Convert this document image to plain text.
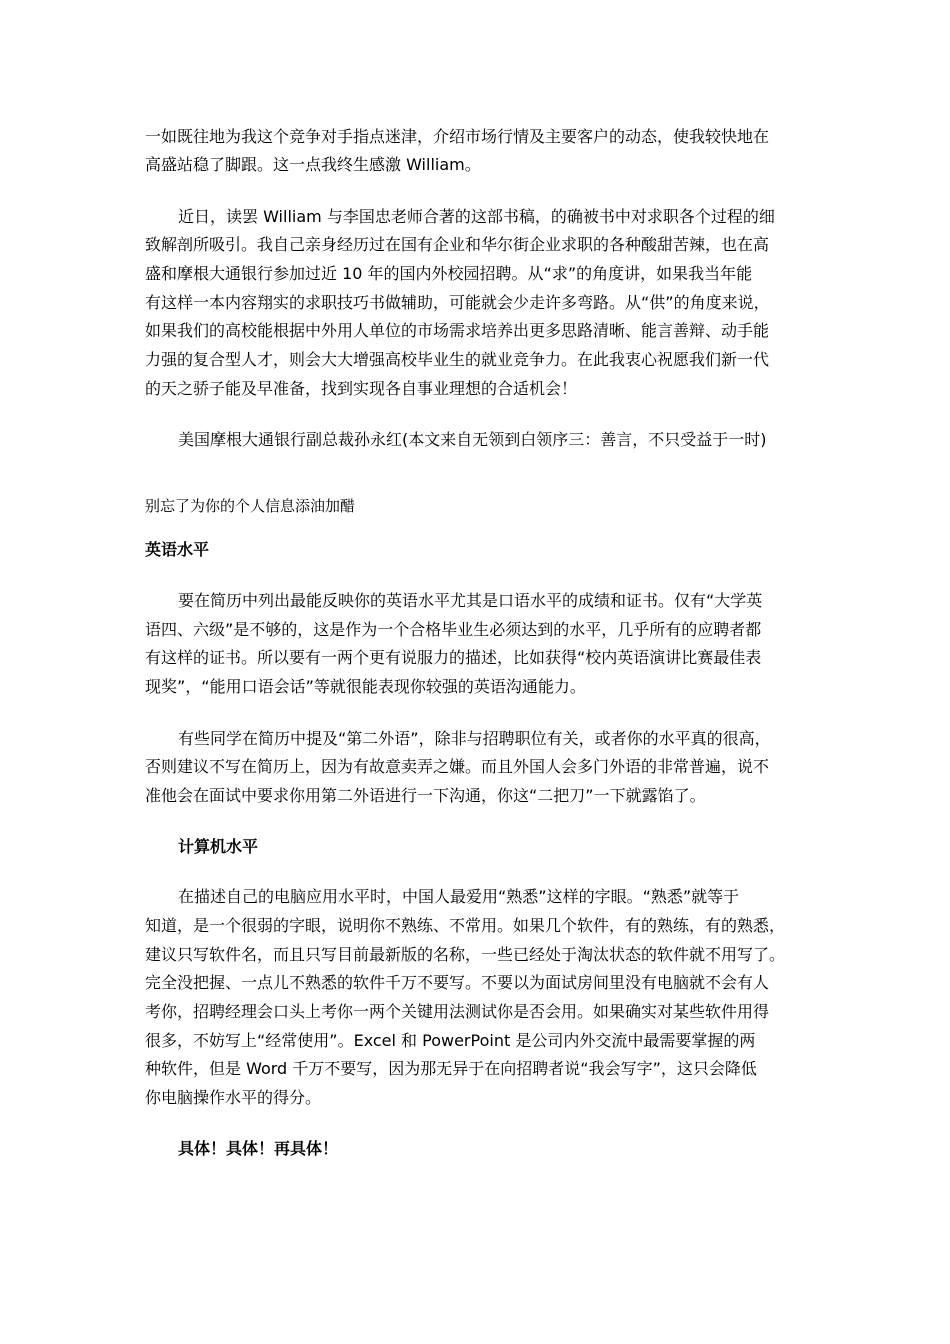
一如既往地为我这个竞争对手指点迷津，介绍市场行情及主要客户的动态，使我较快地在
高盛站稳了脚跟。这一点我终生感激 William。
近日，读罢 William 与李国忠老师合著的这部书稿，的确被书中对求职各个过程的细
致解剖所吸引。我自己亲身经历过在国有企业和华尔街企业求职的各种酸甜苦辣，也在高
盛和摩根大通银行参加过近 10 年的国内外校园招聘。从“求”的角度讲，如果我当年能
有这样一本内容翔实的求职技巧书做辅助，可能就会少走许多弯路。从“供”的角度来说，
如果我们的高校能根据中外用人单位的市场需求培养出更多思路清晰、能言善辩、动手能
力强的复合型人才，则会大大增强高校毕业生的就业竞争力。在此我衷心祝愿我们新一代
的天之骄子能及早准备，找到实现各自事业理想的合适机会！
美国摩根大通银行副总裁孙永红(本文来自无领到白领序三：善言，不只受益于一时)
别忘了为你的个人信息添油加醋
英语水平
要在简历中列出最能反映你的英语水平尤其是口语水平的成绩和证书。仅有“大学英
语四、六级”是不够的，这是作为一个合格毕业生必须达到的水平，几乎所有的应聘者都
有这样的证书。所以要有一两个更有说服力的描述，比如获得“校内英语演讲比赛最佳表
现奖”，“能用口语会话”等就很能表现你较强的英语沟通能力。
有些同学在简历中提及“第二外语”，除非与招聘职位有关，或者你的水平真的很高，
否则建议不写在简历上，因为有故意卖弄之嫌。而且外国人会多门外语的非常普遍，说不
准他会在面试中要求你用第二外语进行一下沟通，你这“二把刀”一下就露馅了。
计算机水平
在描述自己的电脑应用水平时，中国人最爱用“熟悉”这样的字眼。“熟悉”就等于
知道，是一个很弱的字眼，说明你不熟练、不常用。如果几个软件，有的熟练，有的熟悉，
建议只写软件名，而且只写目前最新版的名称，一些已经处于淘汰状态的软件就不用写了。
完全没把握、一点儿不熟悉的软件千万不要写。不要以为面试房间里没有电脑就不会有人
考你，招聘经理会口头上考你一两个关键用法测试你是否会用。如果确实对某些软件用得
很多，不妨写上“经常使用”。Excel 和 PowerPoint 是公司内外交流中最需要掌握的两
种软件，但是 Word 千万不要写，因为那无异于在向招聘者说“我会写字”，这只会降低
你电脑操作水平的得分。
具体！具体！再具体！
